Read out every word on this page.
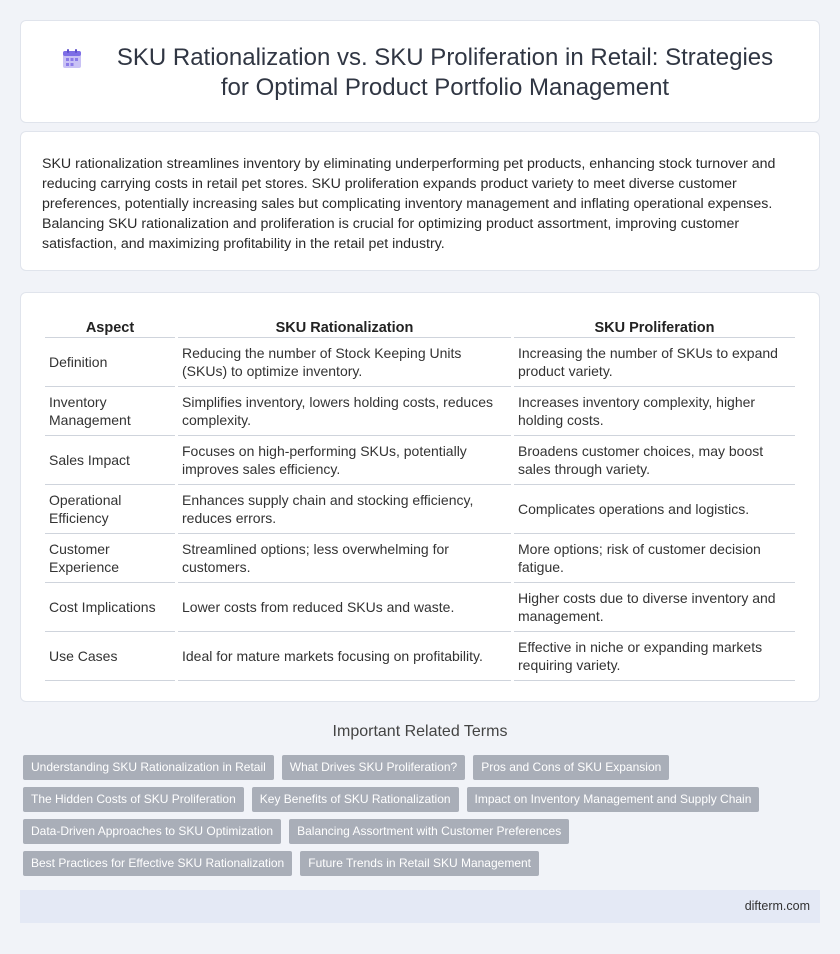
SKU Rationalization vs. SKU Proliferation in Retail: Strategies for Optimal Product Portfolio Management

SKU rationalization streamlines inventory by eliminating underperforming pet products, enhancing stock turnover and reducing carrying costs in retail pet stores. SKU proliferation expands product variety to meet diverse customer preferences, potentially increasing sales but complicating inventory management and inflating operational expenses. Balancing SKU rationalization and proliferation is crucial for optimizing product assortment, improving customer satisfaction, and maximizing profitability in the retail pet industry.

Aspect	SKU Rationalization	SKU Proliferation
Definition	Reducing the number of Stock Keeping Units (SKUs) to optimize inventory.	Increasing the number of SKUs to expand product variety.
Inventory Management	Simplifies inventory, lowers holding costs, reduces complexity.	Increases inventory complexity, higher holding costs.
Sales Impact	Focuses on high-performing SKUs, potentially improves sales efficiency.	Broadens customer choices, may boost sales through variety.
Operational Efficiency	Enhances supply chain and stocking efficiency, reduces errors.	Complicates operations and logistics.
Customer Experience	Streamlined options; less overwhelming for customers.	More options; risk of customer decision fatigue.
Cost Implications	Lower costs from reduced SKUs and waste.	Higher costs due to diverse inventory and management.
Use Cases	Ideal for mature markets focusing on profitability.	Effective in niche or expanding markets requiring variety.
Important Related Terms
Understanding SKU Rationalization in Retail	What Drives SKU Proliferation?	Pros and Cons of SKU Expansion
The Hidden Costs of SKU Proliferation	Key Benefits of SKU Rationalization	Impact on Inventory Management and Supply Chain
Data-Driven Approaches to SKU Optimization	Balancing Assortment with Customer Preferences
Best Practices for Effective SKU Rationalization	Future Trends in Retail SKU Management
difterm.com
